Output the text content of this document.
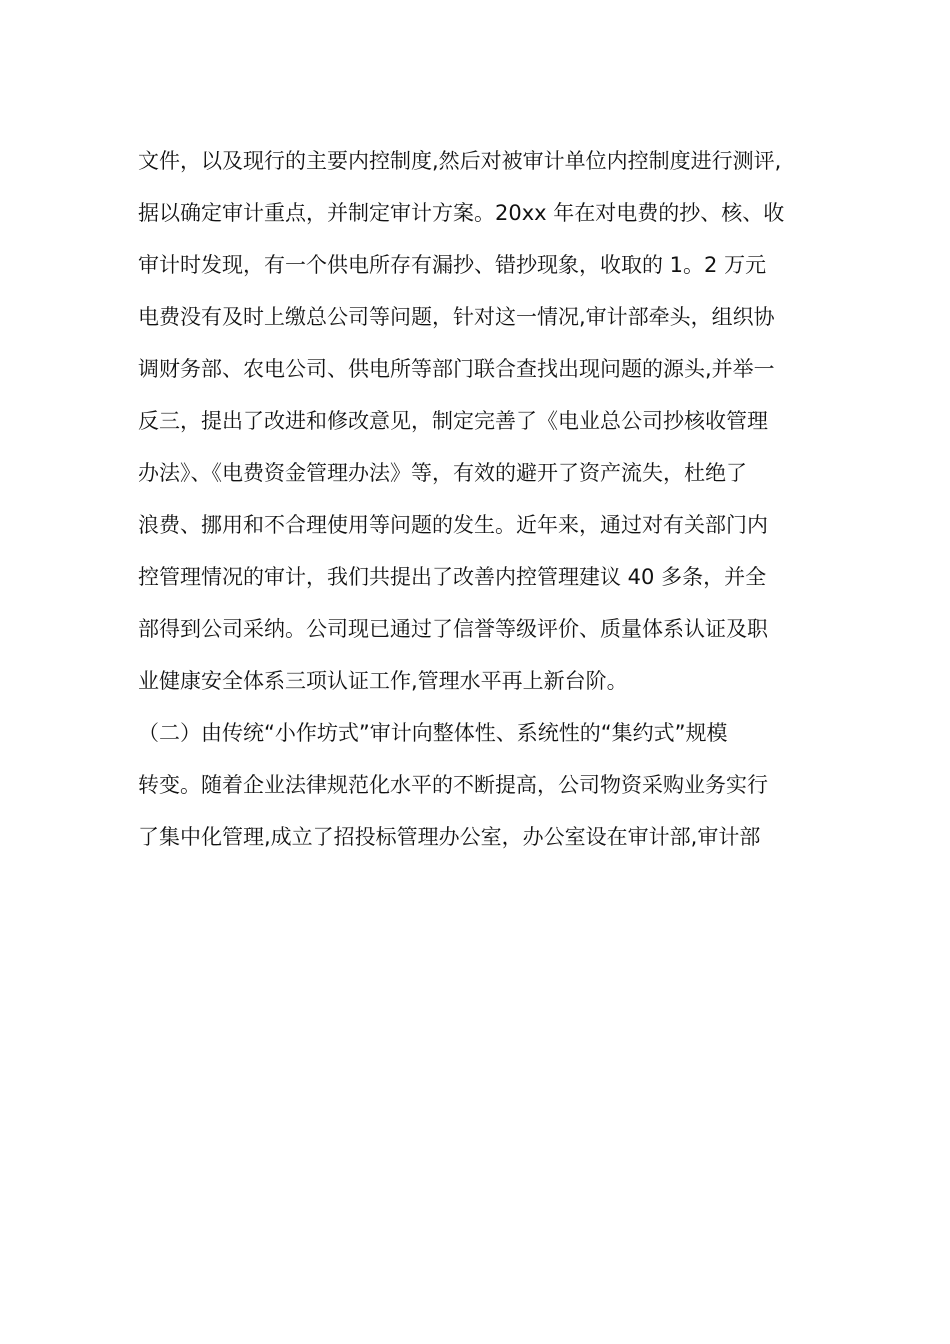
文件，以及现行的主要内控制度,然后对被审计单位内控制度进行测评,
据以确定审计重点，并制定审计方案。20xx 年在对电费的抄、核、收
审计时发现，有一个供电所存有漏抄、错抄现象，收取的 1。2 万元
电费没有及时上缴总公司等问题，针对这一情况,审计部牵头，组织协
调财务部、农电公司、供电所等部门联合查找出现问题的源头,并举一
反三，提出了改进和修改意见，制定完善了《电业总公司抄核收管理
办法》、《电费资金管理办法》等，有效的避开了资产流失，杜绝了
浪费、挪用和不合理使用等问题的发生。近年来，通过对有关部门内
控管理情况的审计，我们共提出了改善内控管理建议 40 多条，并全
部得到公司采纳。公司现已通过了信誉等级评价、质量体系认证及职
业健康安全体系三项认证工作,管理水平再上新台阶。
（二）由传统“小作坊式”审计向整体性、系统性的“集约式”规模
转变。随着企业法律规范化水平的不断提高，公司物资采购业务实行
了集中化管理,成立了招投标管理办公室，办公室设在审计部,审计部
